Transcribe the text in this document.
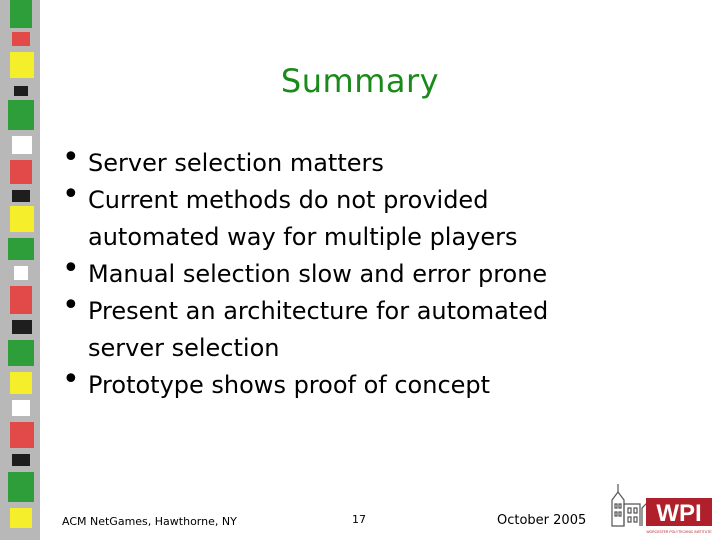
Summary
• Server selection matters
• Current methods do not provided
automated way for multiple players
• Manual selection slow and error prone
• Present an architecture for automated
server selection
• Prototype shows proof of concept
ACM NetGames, Hawthorne, NY	17	October 2005	WPI
WORCESTER POLYTECHNIC INSTITUTE
